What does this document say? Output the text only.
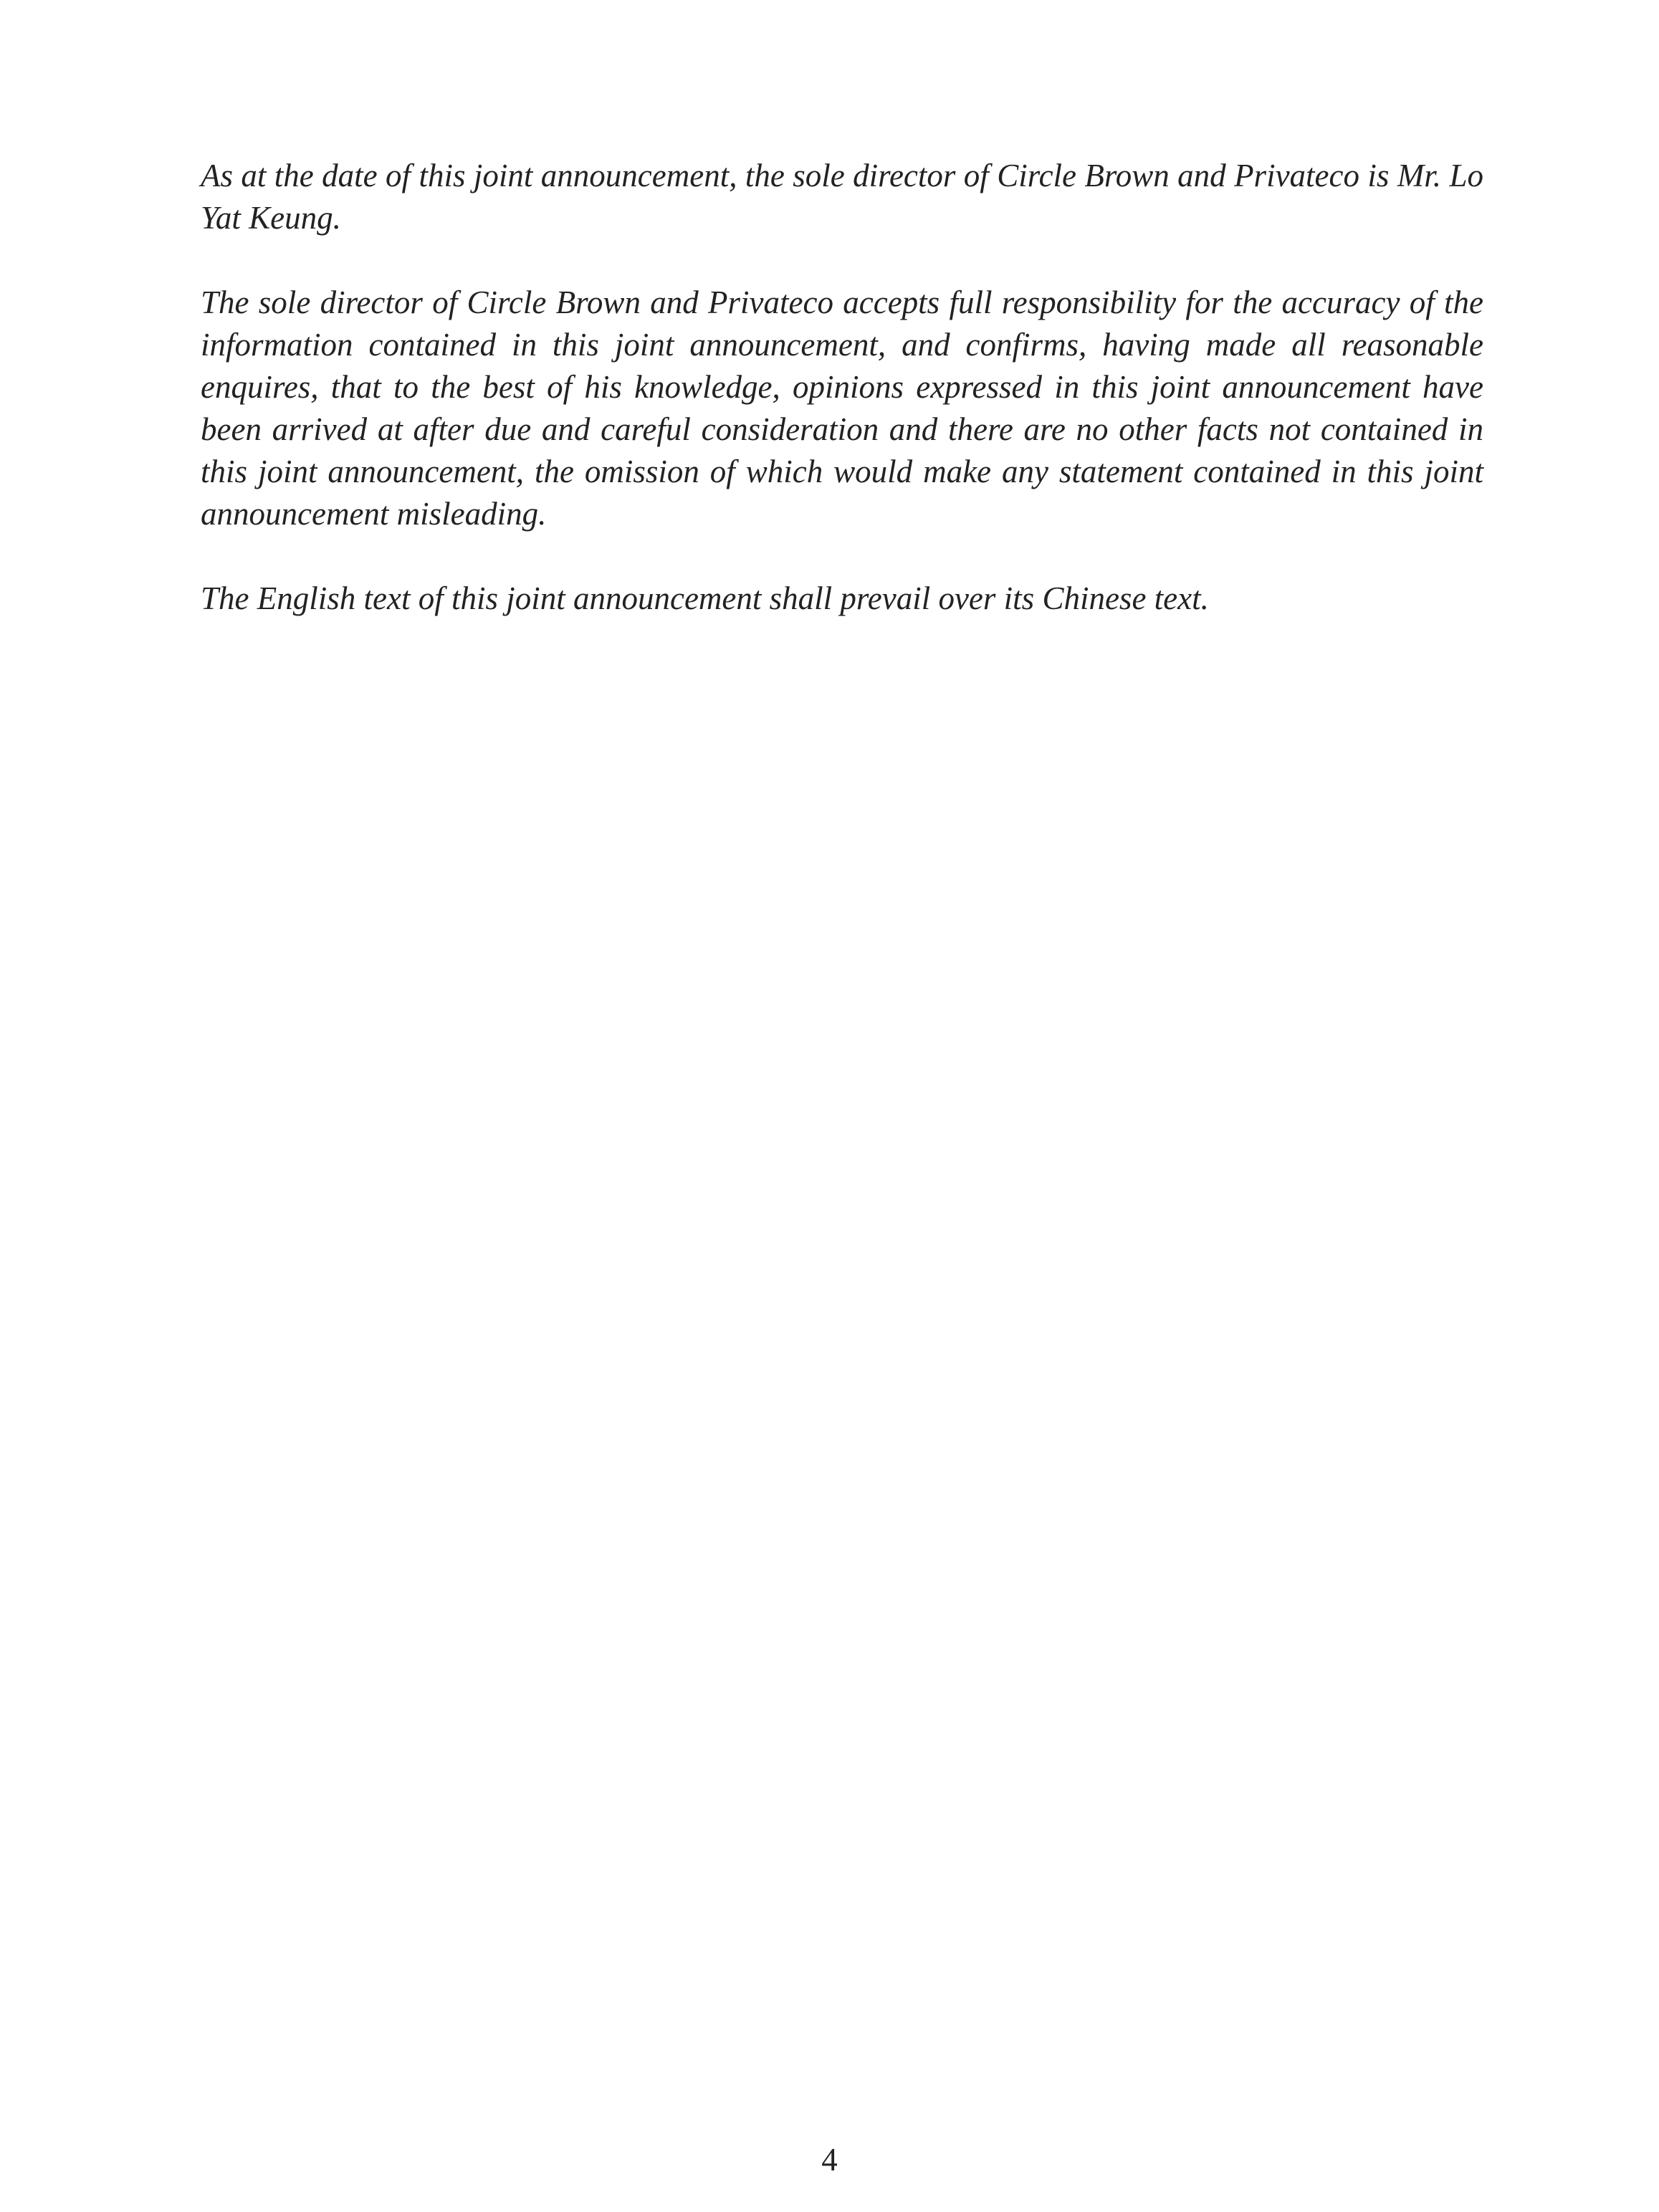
As at the date of this joint announcement, the sole director of Circle Brown and Privateco is Mr. Lo Yat Keung.

The sole director of Circle Brown and Privateco accepts full responsibility for the accuracy of the information contained in this joint announcement, and confirms, having made all reasonable enquires, that to the best of his knowledge, opinions expressed in this joint announcement have been arrived at after due and careful consideration and there are no other facts not contained in this joint announcement, the omission of which would make any statement contained in this joint announcement misleading.

The English text of this joint announcement shall prevail over its Chinese text.

4
